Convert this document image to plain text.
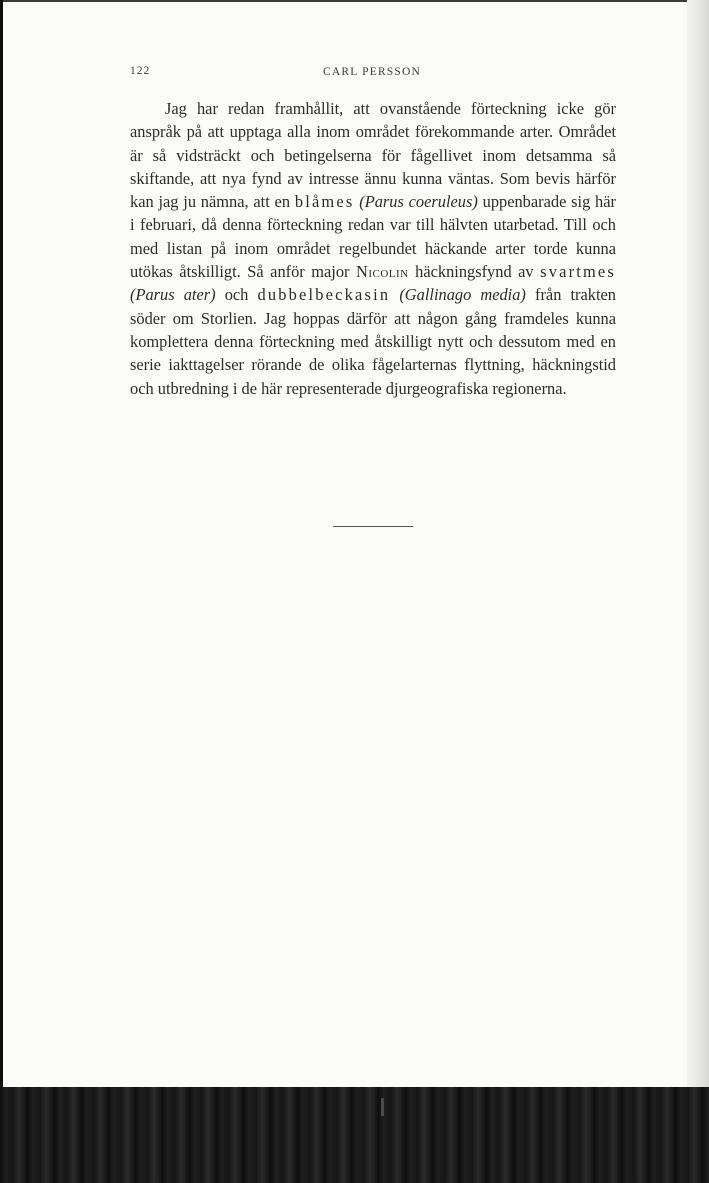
122	CARL PERSSON

Jag har redan framhållit, att ovanstående förteckning icke gör anspråk på att upptaga alla inom området förekommande arter. Området är så vidsträckt och betingelserna för fågellivet inom detsamma så skiftande, att nya fynd av intresse ännu kunna väntas. Som bevis härför kan jag ju nämna, att en blåmes (Parus coeruleus) uppenbarade sig här i februari, då denna förteckning redan var till hälvten utarbetad. Till och med listan på inom området regelbundet häckande arter torde kunna utökas åtskilligt. Så anför major Nicolin häckningsfynd av svartmes (Parus ater) och dubbelbeckasin (Gallinago media) från trakten söder om Storlien. Jag hoppas därför att någon gång framdeles kunna komplettera denna förteckning med åtskilligt nytt och dessutom med en serie iakttagelser rörande de olika fågelarternas flyttning, häckningstid och utbredning i de här representerade djurgeografiska regionerna.
